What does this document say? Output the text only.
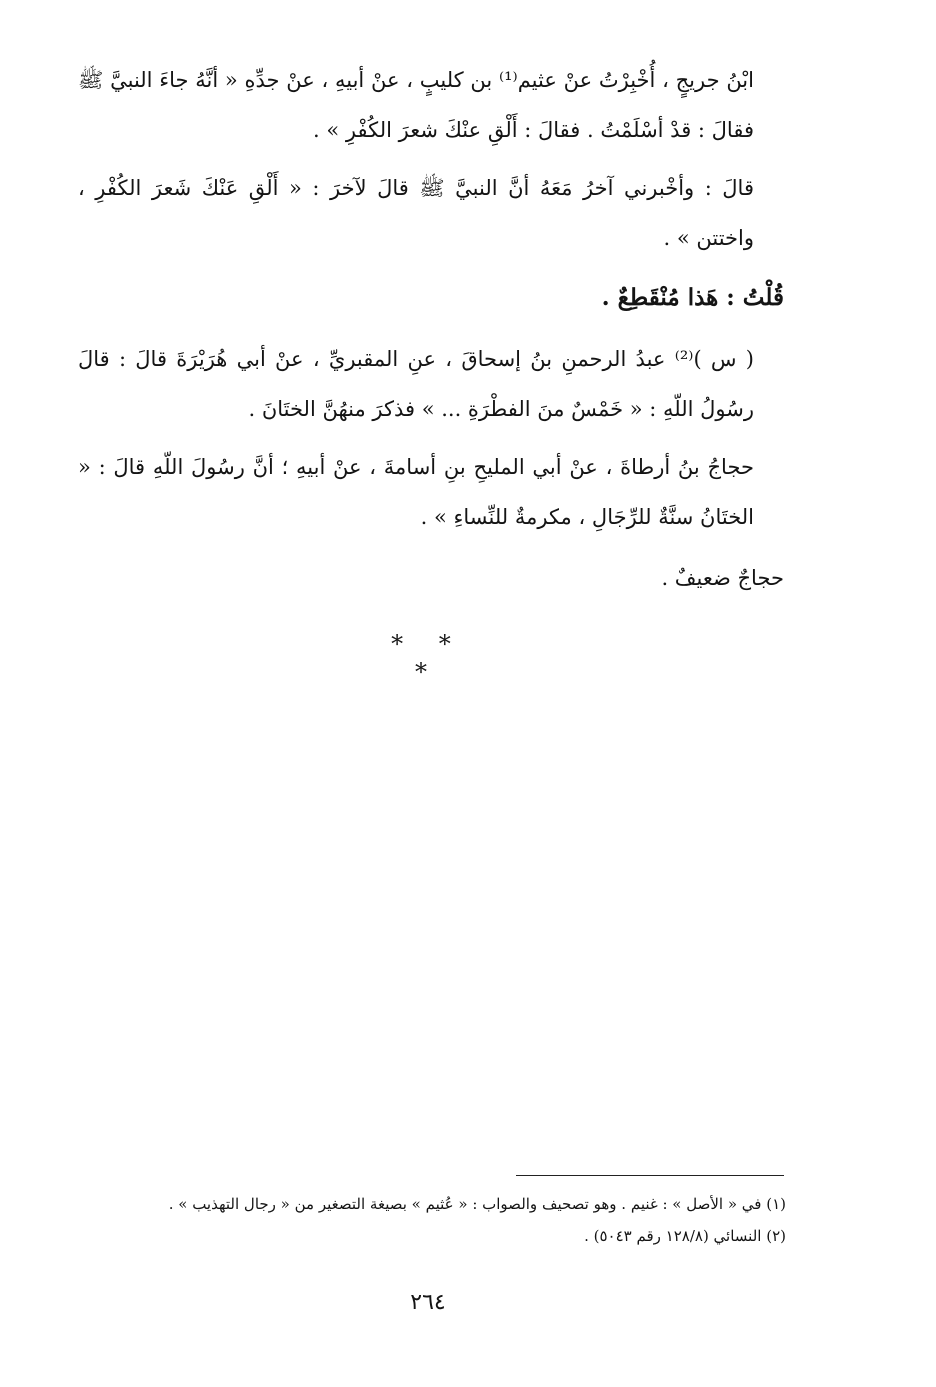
ابْنُ جريجٍ ، أُخْبِرْتُ عنْ عثيم⁽¹⁾ بن كليبٍ ، عنْ أبيهِ ، عنْ جدِّهِ « أنَّهُ جاءَ النبيَّ ﷺ فقالَ : قدْ أسْلَمْتُ . فقالَ : أَلْقِ عنْكَ شعرَ الكُفْرِ » .

قالَ : وأخْبرني آخرُ مَعَهُ أنَّ النبيَّ ﷺ قالَ لآخرَ : « أَلْقِ عَنْكَ شَعرَ الكُفْرِ ، واختتن » .

قُلْتُ : هَذا مُنْقَطِعٌ .

( س )⁽²⁾ عبدُ الرحمنِ بنُ إسحاقَ ، عنِ المقبريِّ ، عنْ أبي هُرَيْرَةَ قالَ : قالَ رسُولُ اللّهِ : « خَمْسٌ منَ الفطْرَةِ ... » فذكرَ منهُنَّ الختَانَ .

حجاجُ بنُ أرطاةَ ، عنْ أبي المليحِ بنِ أسامةَ ، عنْ أبيهِ ؛ أنَّ رسُولَ اللّهِ قالَ : « الختَانُ سنَّةٌ للرِّجَالِ ، مكرمةٌ للنِّساءِ » .

حجاجٌ ضعيفٌ .

* * *

(١) في « الأصل » : غنيم . وهو تصحيف والصواب : « عُثيم » بصيغة التصغير من « رجال التهذيب » .

(٢) النسائي (١٢٨/٨ رقم ٥٠٤٣) .

٢٦٤
